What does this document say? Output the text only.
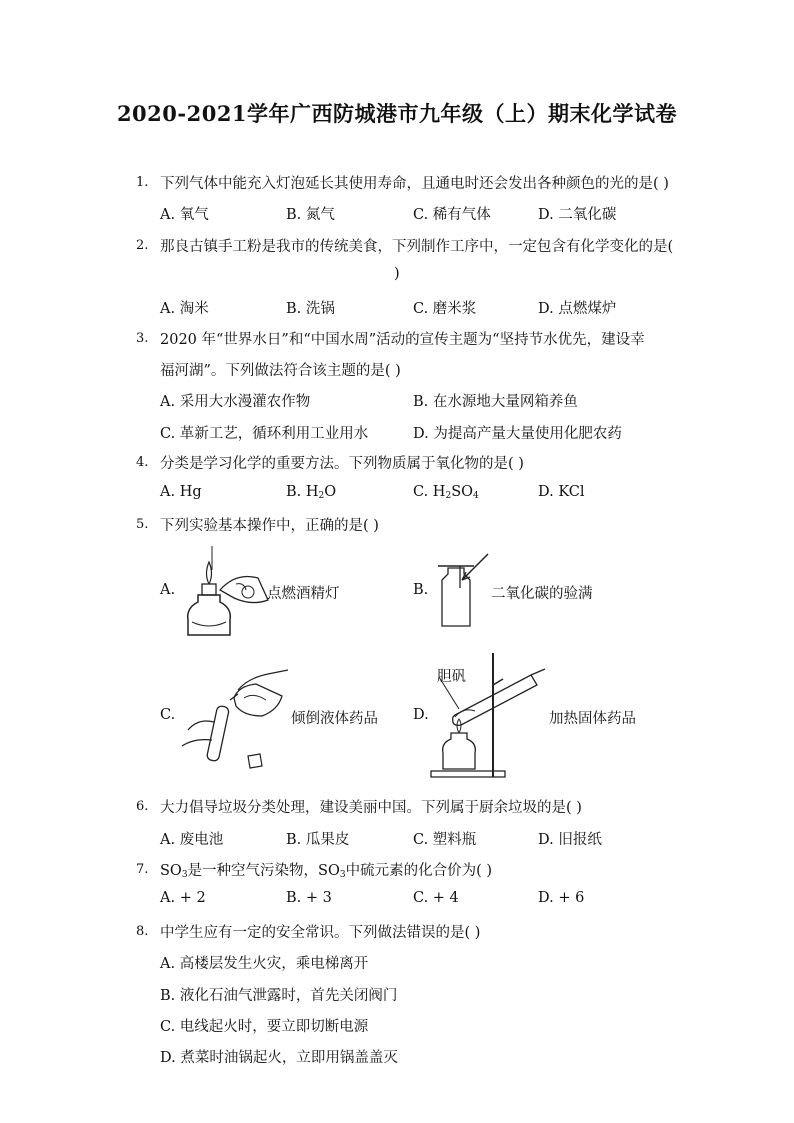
2020-2021学年广西防城港市九年级（上）期末化学试卷
1. 下列气体中能充入灯泡延长其使用寿命，且通电时还会发出各种颜色的光的是( )
A. 氧气	B. 氮气	C. 稀有气体	D. 二氧化碳
2. 那良古镇手工粉是我市的传统美食，下列制作工序中，一定包含有化学变化的是(
)
A. 淘米	B. 洗锅	C. 磨米浆	D. 点燃煤炉
3. 2020 年“世界水日”和“中国水周”活动的宣传主题为“坚持节水优先，建设幸
福河湖”。下列做法符合该主题的是( )
A. 采用大水漫灌农作物	B. 在水源地大量网箱养鱼
C. 革新工艺，循环利用工业用水	D. 为提高产量大量使用化肥农药
4. 分类是学习化学的重要方法。下列物质属于氧化物的是( )
A. Hg	B. $H_2O$	C. $H_2SO_4$	D. KCl
5. 下列实验基本操作中，正确的是( )
A.	点燃酒精灯	B.	二氧化碳的验满
C.	倾倒液体药品 D.
胆矾
加热固体药品
6. 大力倡导垃圾分类处理，建设美丽中国。下列属于厨余垃圾的是( )
A. 废电池	B. 瓜果皮	C. 塑料瓶	D. 旧报纸
7. $SO_3$是一种空气污染物，$SO_3$中硫元素的化合价为( )
A. + 2	B. + 3	C. + 4	D. + 6
8. 中学生应有一定的安全常识。下列做法错误的是( )
A. 高楼层发生火灾，乘电梯离开
B. 液化石油气泄露时，首先关闭阀门
C. 电线起火时，要立即切断电源
D. 煮菜时油锅起火，立即用锅盖盖灭
